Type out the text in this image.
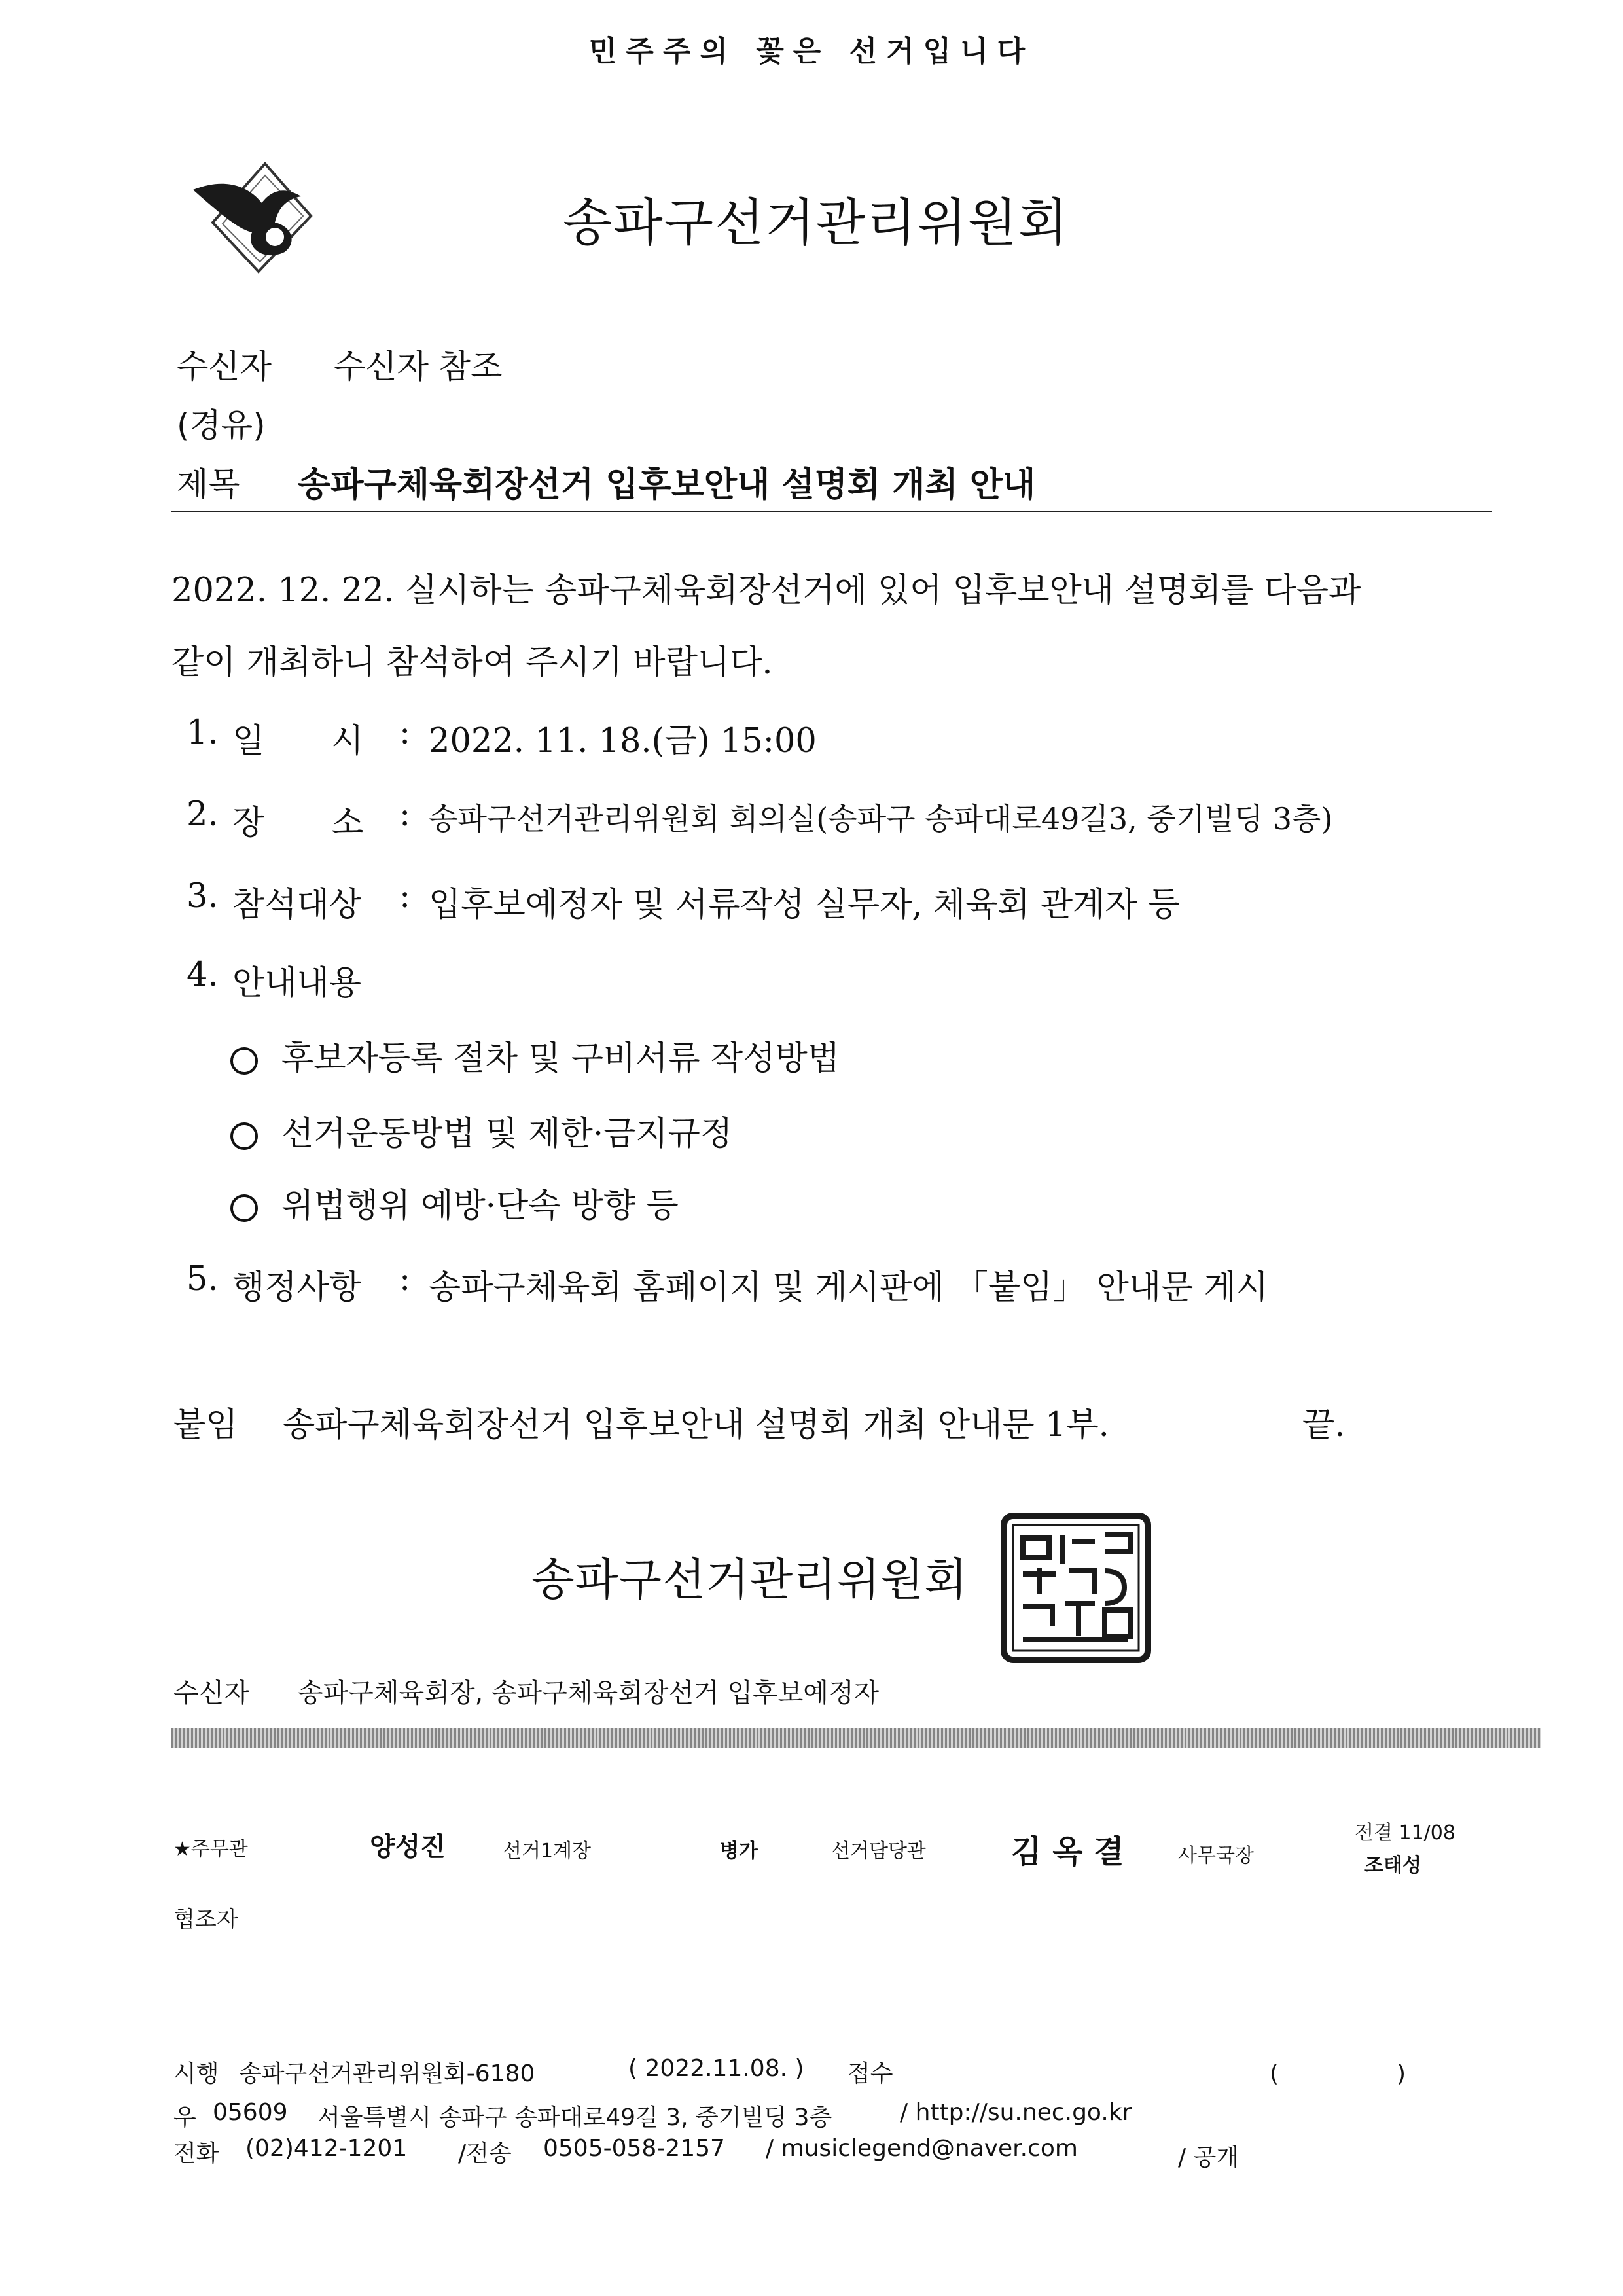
민주주의 꽃은 선거입니다
송파구선거관리위원회
수신자 수신자 참조
(경유)
제목 송파구체육회장선거 입후보안내 설명회 개최 안내
2022. 12. 22. 실시하는 송파구체육회장선거에 있어 입후보안내 설명회를 다음과
같이 개최하니 참석하여 주시기 바랍니다.
1. 일　　시 : 2022. 11. 18.(금) 15:00
2. 장　　소 : 송파구선거관리위원회 회의실(송파구 송파대로49길3, 중기빌딩 3층)
3. 참석대상 : 입후보예정자 및 서류작성 실무자, 체육회 관계자 등
4. 안내내용
후보자등록 절차 및 구비서류 작성방법
선거운동방법 및 제한·금지규정
위법행위 예방·단속 방향 등
5. 행정사항 : 송파구체육회 홈페이지 및 게시판에 「붙임」 안내문 게시
붙임 송파구체육회장선거 입후보안내 설명회 개최 안내문 1부.	끝.
송파구선거관리위원회
수신자 송파구체육회장, 송파구체육회장선거 입후보예정자
★주무관	양성진	선거1계장	병가	선거담당관	김 옥 결	사무국장
전결 11/08
조태성
협조자
시행 송파구선거관리위원회-6180	( 2022.11.08. ) 접수	(　　　　　)
우 05609 서울특별시 송파구 송파대로49길 3, 중기빌딩 3층	/ http://su.nec.go.kr
전화 (02)412-1201 /전송 0505-058-2157 / musiclegend@naver.com	/ 공개
